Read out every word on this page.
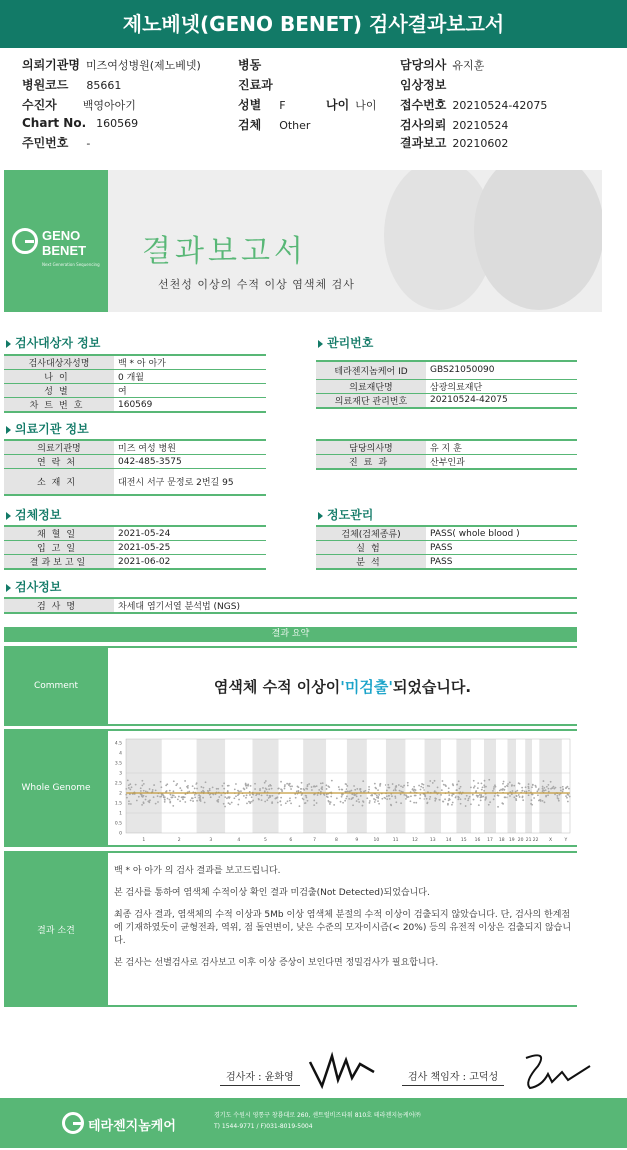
제노베넷(GENO BENET) 검사결과보고서
의뢰기관명 미즈여성병원(제노베넷)	병동	담당의사 유지훈
병원코드 85661	진료과	임상정보
수진자 백영아아기	성별 F	나이 나이 접수번호 20210524-42075
Chart No. 160569	검체 Other	검사의뢰 20210524
주민번호 -	결과보고 20210602
GENO
BENET
Next Generation Sequencing 결과보고서
선천성 이상의 수적 이상 염색체 검사
검사대상자 정보
검사대상자성명	백 * 아 아가
나이	0 개월
성별	여
차트번호	160569
관리번호
테라젠지놈케어 ID	GBS21050090
의료재단명	삼광의료재단
의료재단 관리번호	20210524-42075
의료기관 정보
의료기관명	미즈 여성 병원
연락처	042-485-3575
소재지	대전시 서구 문정로 2번길 95
담당의사명	유 지 훈
진료과	산부인과
검체정보
채혈일	2021-05-24
입고일	2021-05-25
결과보고일	2021-06-02
정도관리
검체(검체종류)	PASS( whole blood )
실험	PASS
분석	PASS
검사정보
검사명	차세대 염기서열 분석법 (NGS)
결과 요약
Comment	염색체 수적 이상이 '미검출' 되었습니다.
Whole Genome
1	2	3	4	5	6	7	8	9	10	11	12	13 14 15 16 17 18 19 20 21 22 X	Y
4.5
4
3.5
3
2.5
2
1.5
1
0.5
0
결과 소견

백 * 아 아가 의 검사 결과를 보고드립니다.

본 검사를 통하여 염색체 수적이상 확인 결과 미검출(Not Detected)되었습니다.

최종 검사 결과, 염색체의 수적 이상과 5Mb 이상 염색체 분절의 수적 이상이 검출되지 않았습니다. 단, 검사의 한계점에 기재하였듯이 균형전좌, 역위, 점 돌연변이, 낮은 수준의 모자이시즘(< 20%) 등의 유전적 이상은 검출되지 않습니다.

본 검사는 선별검사로 검사보고 이후 이상 증상이 보인다면 정밀검사가 필요합니다.

검사자 : 윤화영	검사 책임자 : 고덕성
테라젠지놈케어
경기도 수원시 영통구 창룡대로 260, 센트럴비즈타워 810호 테라젠지놈케어㈜
T) 1544-9771 / F)031-8019-5004
